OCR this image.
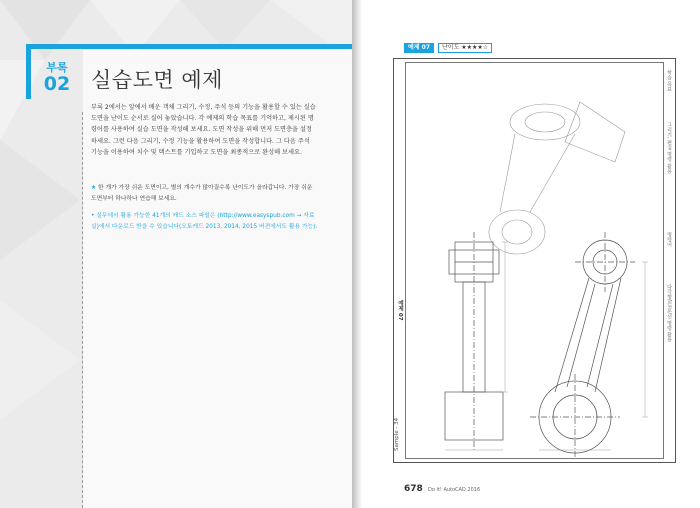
부록
02 실습도면 예제

부록 2에서는 앞에서 배운 객체 그리기, 수정, 주석 등의 기능을 활용할 수 있는 실습 도면을 난이도 순서로 실어 놓았습니다. 각 예제의 학습 목표를 기억하고, 제시된 명령어를 사용하여 실습 도면을 작성해 보세요. 도면 작성을 위해 먼저 도면층을 설정하세요. 그런 다음 그리기, 수정 기능을 활용하여 도면을 작성합니다. 그 다음 주석 기능을 이용하여 치수 및 텍스트를 기입하고 도면을 최종적으로 완성해 보세요.

★ 한 개가 가장 쉬운 도면이고, 별의 개수가 많아질수록 난이도가 올라갑니다. 가장 쉬운 도면부터 하나하나 연습해 보세요.
• 실무에서 활용 가능한 41개의 캐드 소스 파일은 (http://www.easyspub.com → 자료실)에서 다운로드 받을 수 있습니다(오토캐드 2013, 2014, 2015 버전에서도 활용 가능).
예제 07	난이도 ★★★★☆
예제 07
Sample - 34
학습 목표
그리기, 편집 명령 활용
명령어
다각형/원/호/선 명령 활용
678 Do it! AutoCAD 2016
